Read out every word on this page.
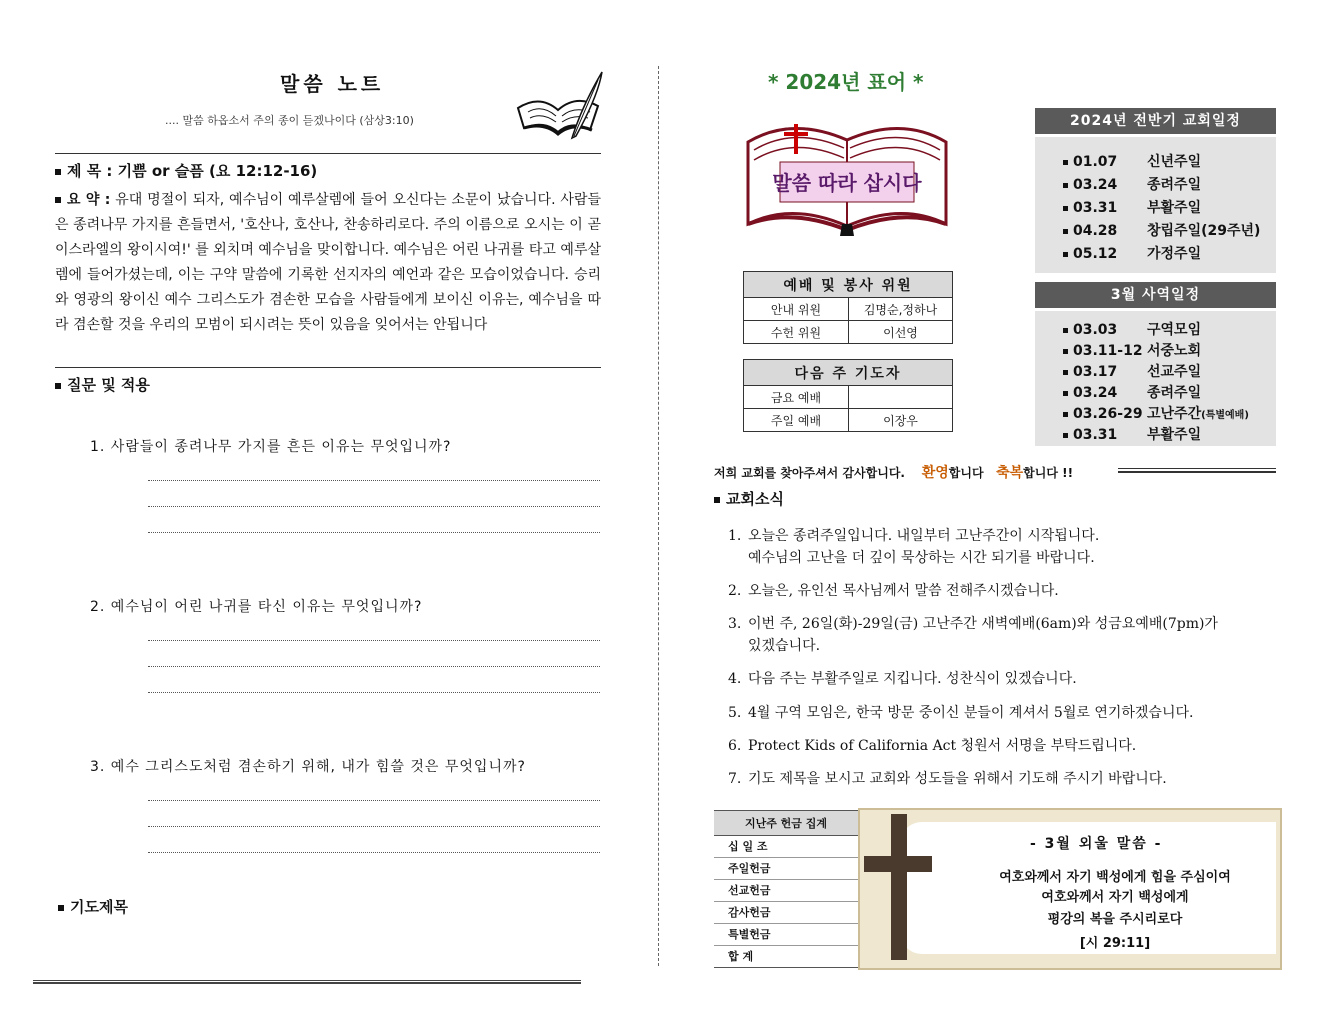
말씀 노트
.... 말씀 하옵소서 주의 종이 듣겠나이다 (삼상3:10)
제 목 : 기쁨 or 슬픔 (요 12:12-16)
요 약 : 유대 명절이 되자, 예수님이 예루살렘에 들어 오신다는 소문이 났습니다. 사람들은 종려나무 가지를 흔들면서, '호산나, 호산나, 찬송하리로다. 주의 이름으로 오시는 이 곧 이스라엘의 왕이시여!' 를 외치며 예수님을 맞이합니다. 예수님은 어린 나귀를 타고 예루살렘에 들어가셨는데, 이는 구약 말씀에 기록한 선지자의 예언과 같은 모습이었습니다. 승리와 영광의 왕이신 예수 그리스도가 겸손한 모습을 사람들에게 보이신 이유는, 예수님을 따라 겸손할 것을 우리의 모범이 되시려는 뜻이 있음을 잊어서는 안됩니다
질문 및 적용
1. 사람들이 종려나무 가지를 흔든 이유는 무엇입니까?
2. 예수님이 어린 나귀를 타신 이유는 무엇입니까?
3. 예수 그리스도처럼 겸손하기 위해, 내가 힘쓸 것은 무엇입니까?
기도제목
* 2024년 표어 *
말씀 따라 삽시다
예배 및 봉사 위원	
안내 위원	김명순,정하나
수헌 위원	이선영
다음 주 기도자	
금요 예배	
주일 예배	이장우
2024년 전반기 교회일정
01.07 신년주일
03.24 종려주일
03.31 부활주일
04.28 창립주일(29주년)
05.12 가정주일
3월 사역일정
03.03 구역모임
03.11-12 서중노회
03.17 선교주일
03.24 종려주일
03.26-29 고난주간(특별예배)
03.31 부활주일
저희 교회를 찾아주셔서 감사합니다. 환영합니다 축복합니다 !!
교회소식
1. 오늘은 종려주일입니다. 내일부터 고난주간이 시작됩니다.
예수님의 고난을 더 깊이 묵상하는 시간 되기를 바랍니다.
2. 오늘은, 유인선 목사님께서 말씀 전해주시겠습니다.
3. 이번 주, 26일(화)-29일(금) 고난주간 새벽예배(6am)와 성금요예배(7pm)가
있겠습니다.
4. 다음 주는 부활주일로 지킵니다. 성찬식이 있겠습니다.
5. 4월 구역 모임은, 한국 방문 중이신 분들이 계셔서 5월로 연기하겠습니다.
6. Protect Kids of California Act 청원서 서명을 부탁드립니다.
7. 기도 제목을 보시고 교회와 성도들을 위해서 기도해 주시기 바랍니다.
지난주 헌금 집계
십 일 조
주일헌금
선교헌금
감사헌금
특별헌금
합 계
- 3월 외울 말씀 -
여호와께서 자기 백성에게 힘을 주심이여
여호와께서 자기 백성에게
평강의 복을 주시리로다
[시 29:11]
